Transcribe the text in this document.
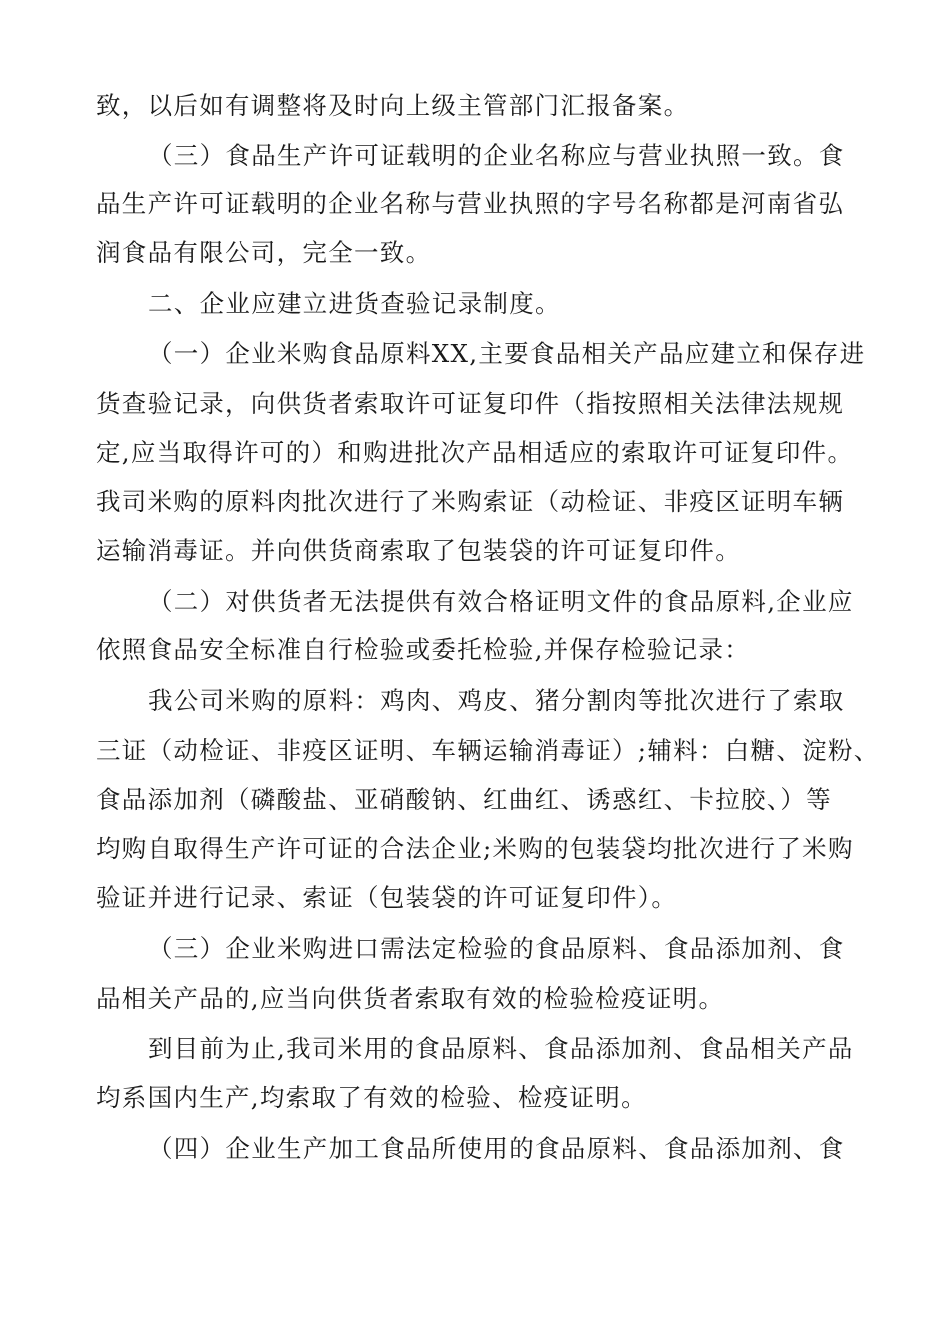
致，以后如有调整将及时向上级主管部门汇报备案。
（三）食品生产许可证载明的企业名称应与营业执照一致。食
品生产许可证载明的企业名称与营业执照的字号名称都是河南省弘
润食品有限公司，完全一致。
二、企业应建立进货查验记录制度。
（一）企业米购食品原料XX,主要食品相关产品应建立和保存进
货查验记录，向供货者索取许可证复印件（指按照相关法律法规规
定,应当取得许可的）和购进批次产品相适应的索取许可证复印件。
我司米购的原料肉批次进行了米购索证（动检证、非疫区证明车辆
运输消毒证。并向供货商索取了包装袋的许可证复印件。
（二）对供货者无法提供有效合格证明文件的食品原料,企业应
依照食品安全标准自行检验或委托检验,并保存检验记录：
我公司米购的原料：鸡肉、鸡皮、猪分割肉等批次进行了索取
三证（动检证、非疫区证明、车辆运输消毒证）;辅料：白糖、淀粉、
食品添加剂（磷酸盐、亚硝酸钠、红曲红、诱惑红、卡拉胶、）等
均购自取得生产许可证的合法企业;米购的包装袋均批次进行了米购
验证并进行记录、索证（包装袋的许可证复印件）。
（三）企业米购进口需法定检验的食品原料、食品添加剂、食
品相关产品的,应当向供货者索取有效的检验检疫证明。
到目前为止,我司米用的食品原料、食品添加剂、食品相关产品
均系国内生产,均索取了有效的检验、检疫证明。
（四）企业生产加工食品所使用的食品原料、食品添加剂、食
